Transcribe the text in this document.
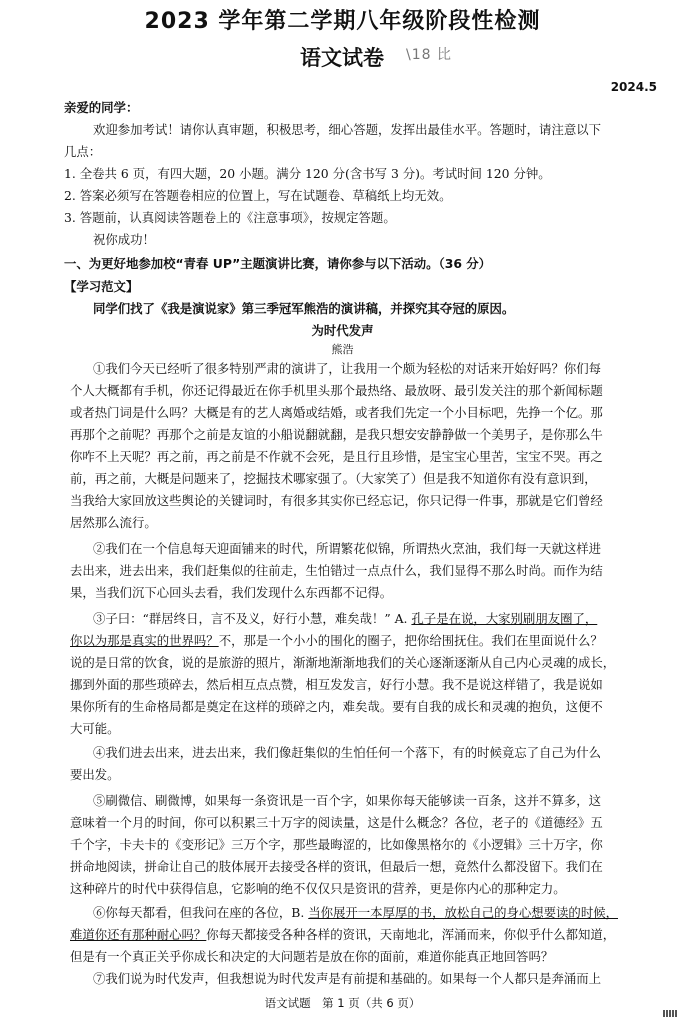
2023 学年第二学期八年级阶段性检测
语文试卷 \18 比
2024.5
亲爱的同学：
欢迎参加考试！请你认真审题，积极思考，细心答题，发挥出最佳水平。答题时，请注意以下
几点：
1. 全卷共 6 页，有四大题，20 小题。满分 120 分(含书写 3 分)。考试时间 120 分钟。
2. 答案必须写在答题卷相应的位置上，写在试题卷、草稿纸上均无效。
3. 答题前，认真阅读答题卷上的《注意事项》，按规定答题。
祝你成功！
一、为更好地参加校“青春 UP”主题演讲比赛，请你参与以下活动。（36 分）
【学习范文】
同学们找了《我是演说家》第三季冠军熊浩的演讲稿，并探究其夺冠的原因。
为时代发声
熊浩
①我们今天已经听了很多特别严肃的演讲了，让我用一个颇为轻松的对话来开始好吗？你们每
个人大概都有手机，你还记得最近在你手机里头那个最热络、最放呀、最引发关注的那个新闻标题
或者热门词是什么吗？大概是有的艺人离婚或结婚，或者我们先定一个小目标吧，先挣一个亿。那
再那个之前呢？再那个之前是友谊的小船说翻就翻，是我只想安安静静做一个美男子，是你那么牛
你咋不上天呢？再之前，再之前是不作就不会死，是且行且珍惜，是宝宝心里苦，宝宝不哭。再之
前，再之前，大概是问题来了，挖掘技术哪家强了。（大家笑了）但是我不知道你有没有意识到，
当我给大家回放这些舆论的关键词时，有很多其实你已经忘记，你只记得一件事，那就是它们曾经
居然那么流行。
②我们在一个信息每天迎面铺来的时代，所谓繁花似锦，所谓热火烹油，我们每一天就这样进
去出来，进去出来，我们赶集似的往前走，生怕错过一点点什么，我们显得不那么时尚。而作为结
果，当我们沉下心回头去看，我们发现什么东西都不记得。
③子曰：“群居终日，言不及义，好行小慧，难矣哉！” A. 孔子是在说，大家别刷朋友圈了，
你以为那是真实的世界吗？不，那是一个小小的围化的圈子，把你给围抚住。我们在里面说什么？
说的是日常的饮食，说的是旅游的照片，渐渐地渐渐地我们的关心逐渐逐渐从自己内心灵魂的成长，
挪到外面的那些琐碎去，然后相互点点赞，相互发发言，好行小慧。我不是说这样错了，我是说如
果你所有的生命格局都是奠定在这样的琐碎之内，难矣哉。要有自我的成长和灵魂的抱负，这便不
大可能。
④我们进去出来，进去出来，我们像赶集似的生怕任何一个落下，有的时候竟忘了自己为什么
要出发。
⑤刷微信、刷微博，如果每一条资讯是一百个字，如果你每天能够读一百条，这并不算多，这
意味着一个月的时间，你可以积累三十万字的阅读量，这是什么概念？各位，老子的《道德经》五
千个字，卡夫卡的《变形记》三万个字，那些最晦涩的，比如像黑格尔的《小逻辑》三十万字，你
拼命地阅读，拼命让自己的肢体展开去接受各样的资讯，但最后一想，竟然什么都没留下。我们在
这种碎片的时代中获得信息，它影响的绝不仅仅只是资讯的营养，更是你内心的那种定力。
⑥你每天都看，但我问在座的各位，B. 当你展开一本厚厚的书，放松自己的身心想要读的时候，
难道你还有那种耐心吗？你每天都接受各种各样的资讯，天南地北，浑涌而来，你似乎什么都知道，
但是有一个真正关乎你成长和决定的大问题若是放在你的面前，难道你能真正地回答吗？
⑦我们说为时代发声，但我想说为时代发声是有前提和基础的。如果每一个人都只是奔涌而上
语文试题　第 1 页（共 6 页）
